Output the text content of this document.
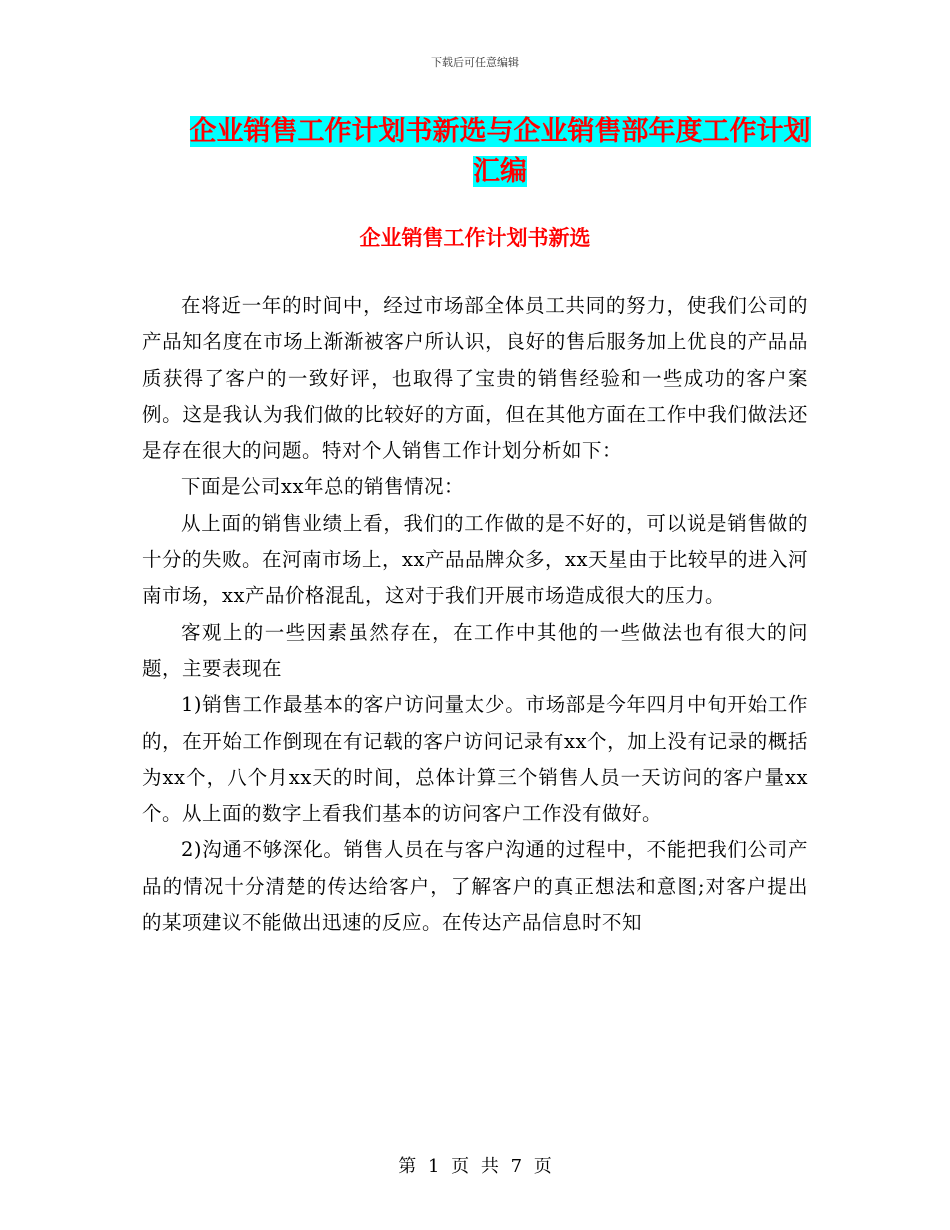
下载后可任意编辑
企业销售工作计划书新选与企业销售部年度工作计划
汇编
企业销售工作计划书新选

在将近一年的时间中，经过市场部全体员工共同的努力，使我们公司的产品知名度在市场上渐渐被客户所认识，良好的售后服务加上优良的产品品质获得了客户的一致好评，也取得了宝贵的销售经验和一些成功的客户案例。这是我认为我们做的比较好的方面，但在其他方面在工作中我们做法还是存在很大的问题。特对个人销售工作计划分析如下：

下面是公司xx年总的销售情况：

从上面的销售业绩上看，我们的工作做的是不好的，可以说是销售做的十分的失败。在河南市场上，xx产品品牌众多，xx天星由于比较早的进入河南市场，xx产品价格混乱，这对于我们开展市场造成很大的压力。

客观上的一些因素虽然存在，在工作中其他的一些做法也有很大的问题，主要表现在

1)销售工作最基本的客户访问量太少。市场部是今年四月中旬开始工作的，在开始工作倒现在有记载的客户访问记录有xx个，加上没有记录的概括为xx个，八个月xx天的时间，总体计算三个销售人员一天访问的客户量xx个。从上面的数字上看我们基本的访问客户工作没有做好。

2)沟通不够深化。销售人员在与客户沟通的过程中，不能把我们公司产品的情况十分清楚的传达给客户，了解客户的真正想法和意图;对客户提出的某项建议不能做出迅速的反应。在传达产品信息时不知

第 1 页 共 7 页
